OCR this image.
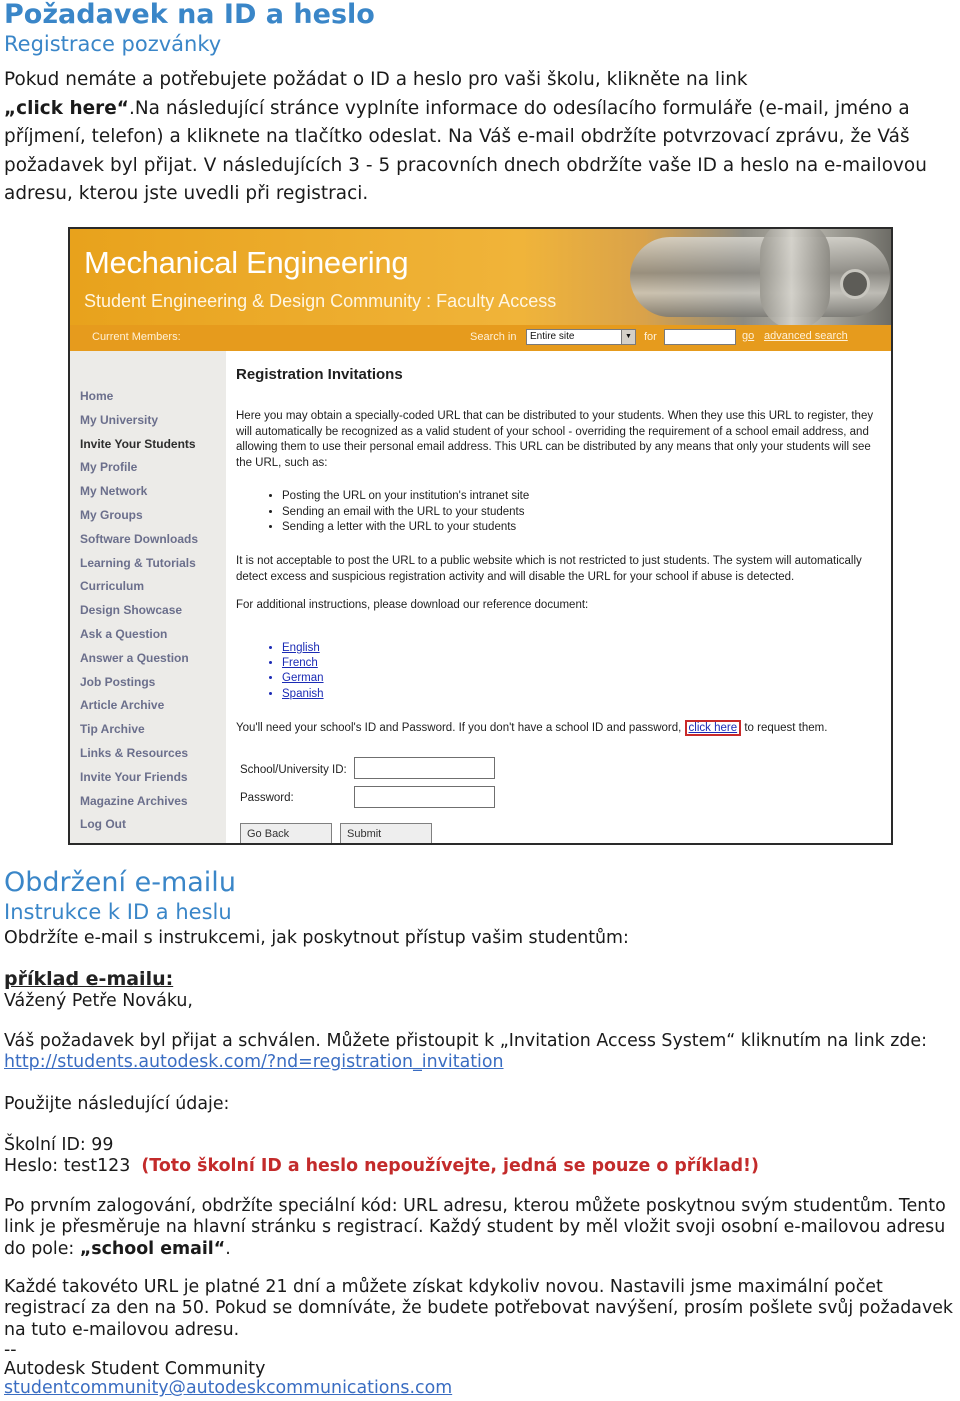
Požadavek na ID a heslo
Registrace pozvánky

Pokud nemáte a potřebujete požádat o ID a heslo pro vaši školu, klikněte na link
„click here“.Na následující stránce vyplníte informace do odesílacího formuláře (e-mail, jméno a příjmení, telefon) a kliknete na tlačítko odeslat. Na Váš e-mail obdržíte potvrzovací zprávu, že Váš požadavek byl přijat. V následujících 3 - 5 pracovních dnech obdržíte vaše ID a heslo na e-mailovou adresu, kterou jste uvedli při registraci.

Mechanical Engineering
Student Engineering & Design Community : Faculty Access
Current Members:	Search in	Entire site	▼ for	go advanced search
Home
My University
Invite Your Students
My Profile
My Network
My Groups
Software Downloads
Learning & Tutorials
Curriculum
Design Showcase
Ask a Question
Answer a Question
Job Postings
Article Archive
Tip Archive
Links & Resources
Invite Your Friends
Magazine Archives
Log Out
Registration Invitations
Here you may obtain a specially-coded URL that can be distributed to your students. When they use this URL to register, they will automatically be recognized as a valid student of your school - overriding the requirement of a school email address, and allowing them to use their personal email address. This URL can be distributed by any means that only your students will see the URL, such as:
• Posting the URL on your institution's intranet site
• Sending an email with the URL to your students
• Sending a letter with the URL to your students
It is not acceptable to post the URL to a public website which is not restricted to just students. The system will automatically detect excess and suspicious registration activity and will disable the URL for your school if abuse is detected.
For additional instructions, please download our reference document:
• English
• French
• German
• Spanish
You'll need your school's ID and Password. If you don't have a school ID and password, click here to request them.
School/University ID:
Password:
Go Back	Submit
Obdržení e-mailu
Instrukce k ID a heslu
Obdržíte e-mail s instrukcemi, jak poskytnout přístup vašim studentům:
příklad e-mailu:
Vážený Petře Nováku,
Váš požadavek byl přijat a schválen. Můžete přistoupit k „Invitation Access System“ kliknutím na link zde:
http://students.autodesk.com/?nd=registration_invitation
Použijte následující údaje:
Školní ID: 99
Heslo: test123 (Toto školní ID a heslo nepoužívejte, jedná se pouze o příklad!)
Po prvním zalogování, obdržíte speciální kód: URL adresu, kterou můžete poskytnou svým studentům. Tento link je přesměruje na hlavní stránku s registrací. Každý student by měl vložit svoji osobní e-mailovou adresu do pole: „school email“.
Každé takovéto URL je platné 21 dní a můžete získat kdykoliv novou. Nastavili jsme maximální počet registrací za den na 50. Pokud se domníváte, že budete potřebovat navýšení, prosím pošlete svůj požadavek na tuto e-mailovou adresu.
--
Autodesk Student Community
studentcommunity@autodeskcommunications.com
